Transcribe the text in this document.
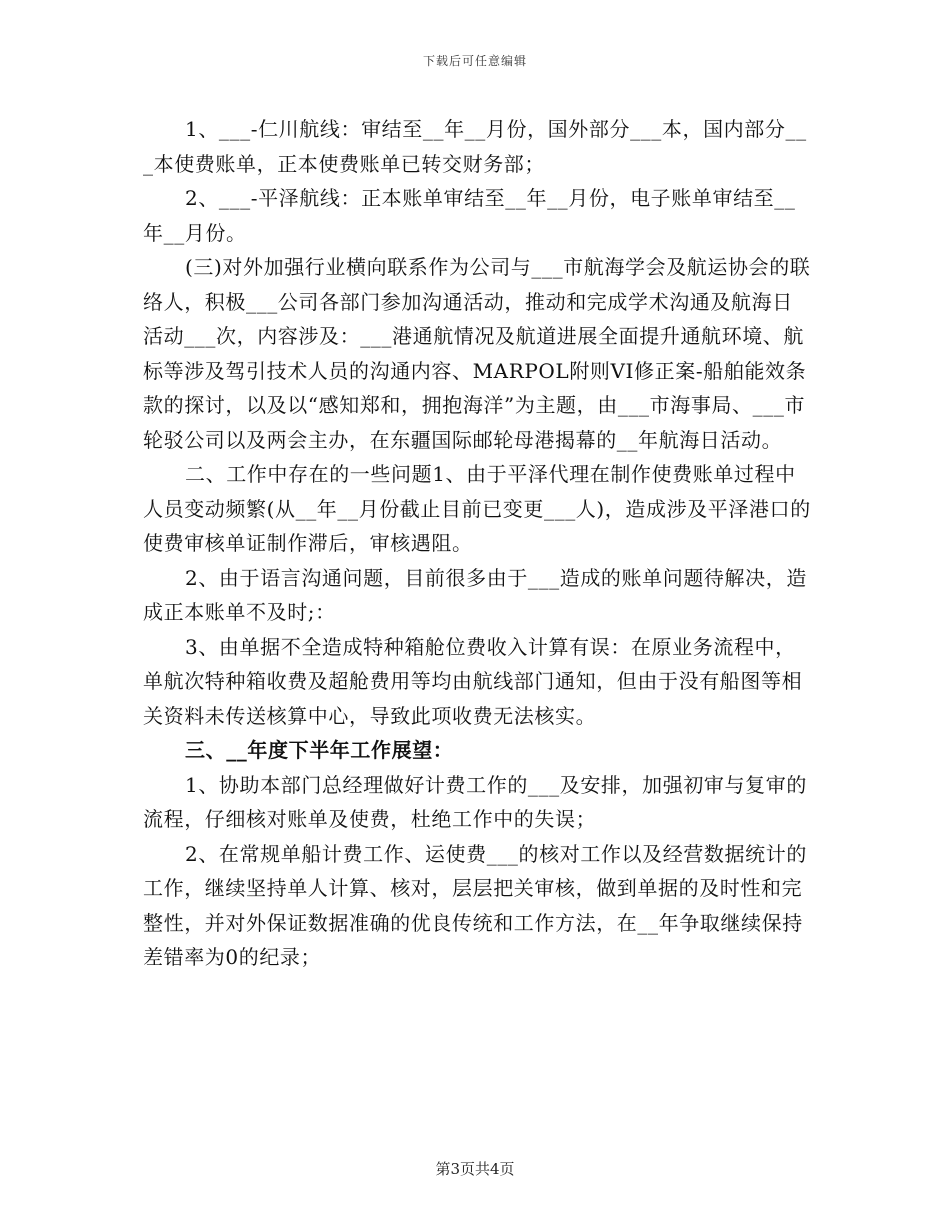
下载后可任意编辑

1、___-仁川航线：审结至__年__月份，国外部分___本，国内部分___本使费账单，正本使费账单已转交财务部；

2、___-平泽航线：正本账单审结至__年__月份，电子账单审结至__年__月份。

(三)对外加强行业横向联系作为公司与___市航海学会及航运协会的联络人，积极___公司各部门参加沟通活动，推动和完成学术沟通及航海日活动___次，内容涉及：___港通航情况及航道进展全面提升通航环境、航标等涉及驾引技术人员的沟通内容、MARPOL附则VI修正案-船舶能效条款的探讨，以及以“感知郑和，拥抱海洋”为主题，由___市海事局、___市轮驳公司以及两会主办，在东疆国际邮轮母港揭幕的__年航海日活动。

二、工作中存在的一些问题1、由于平泽代理在制作使费账单过程中人员变动频繁(从__年__月份截止目前已变更___人)，造成涉及平泽港口的使费审核单证制作滞后，审核遇阻。

2、由于语言沟通问题，目前很多由于___造成的账单问题待解决，造成正本账单不及时;：

3、由单据不全造成特种箱舱位费收入计算有误：在原业务流程中，单航次特种箱收费及超舱费用等均由航线部门通知，但由于没有船图等相关资料未传送核算中心，导致此项收费无法核实。

三、__年度下半年工作展望：

1、协助本部门总经理做好计费工作的___及安排，加强初审与复审的流程，仔细核对账单及使费，杜绝工作中的失误；

2、在常规单船计费工作、运使费___的核对工作以及经营数据统计的工作，继续坚持单人计算、核对，层层把关审核，做到单据的及时性和完整性，并对外保证数据准确的优良传统和工作方法，在__年争取继续保持差错率为0的纪录；

第3页共4页
